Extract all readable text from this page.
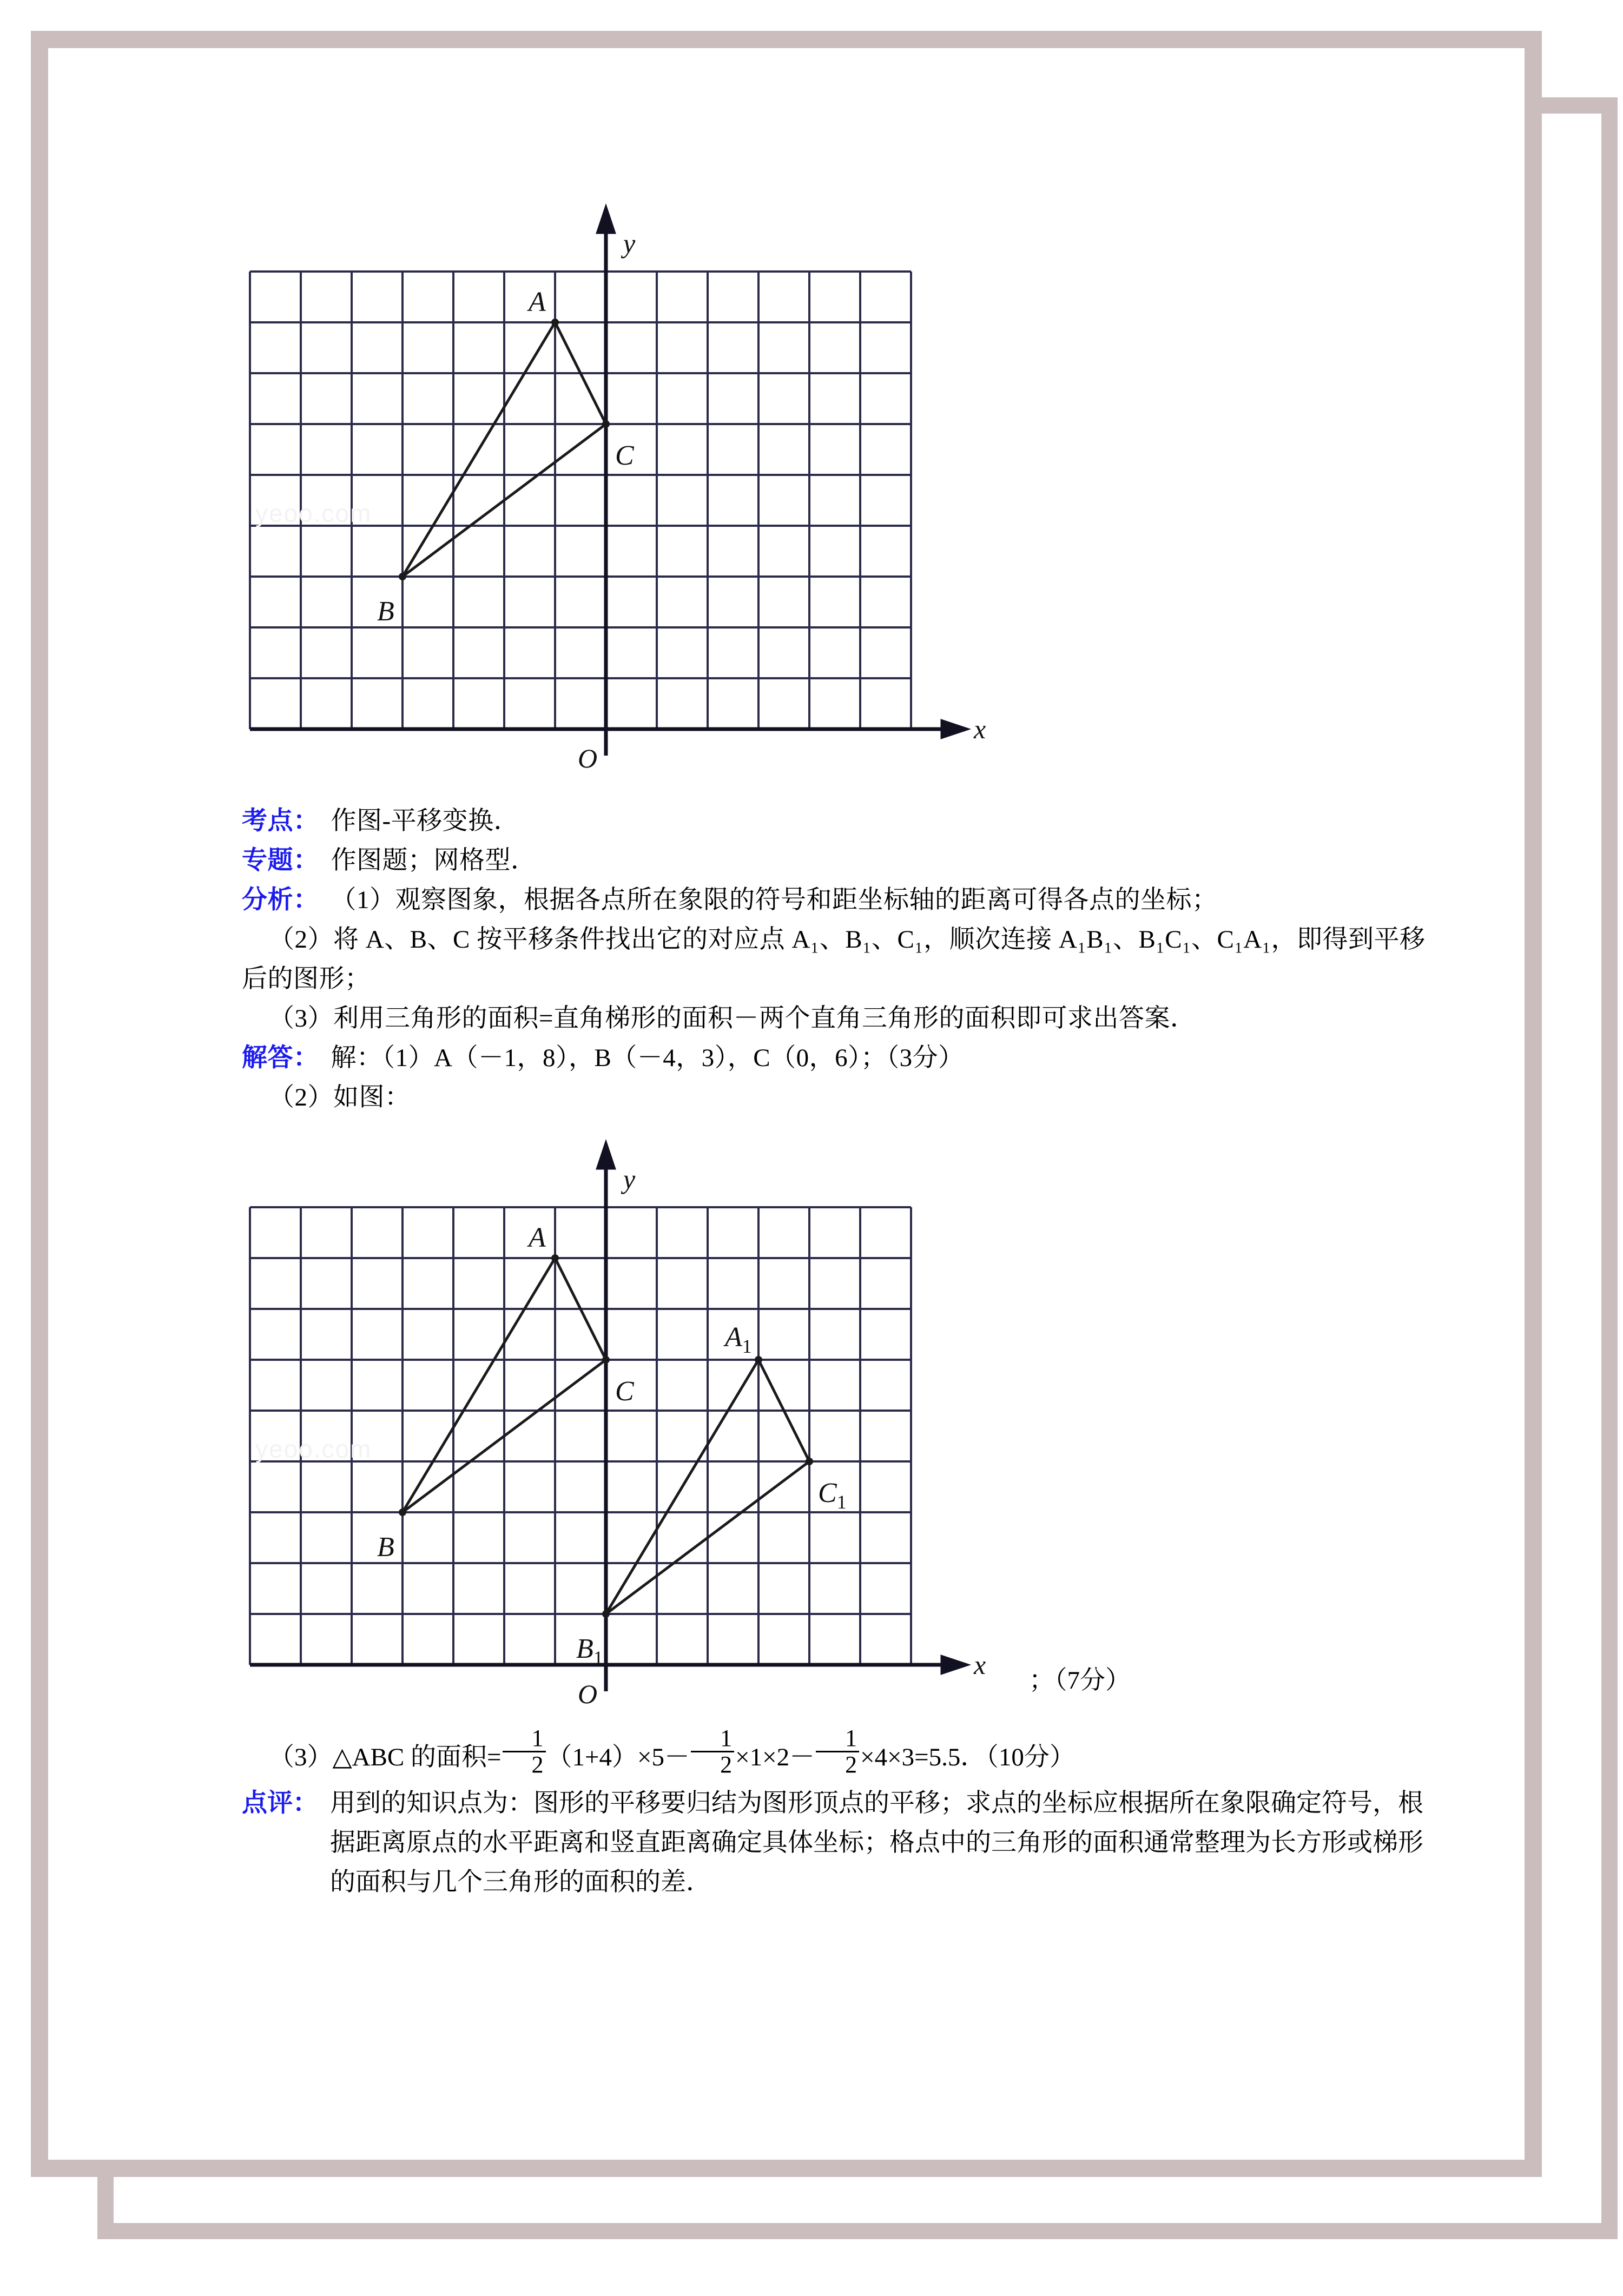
A
B
C
y
x
O
yeoo.com
考点： 作图-平移变换．
专题： 作图题；网格型．
分析： （1）观察图象，根据各点所在象限的符号和距坐标轴的距离可得各点的坐标；
（2）将 A、B、C 按平移条件找出它的对应点 A₁、B₁、C₁，顺次连接 A₁B₁、B₁C₁、C₁A₁，即得到平移后的图形；
（3）利用三角形的面积=直角梯形的面积－两个直角三角形的面积即可求出答案．
解答： 解：（1）A（－1，8），B（－4，3），C（0，6）；（3分）
（2）如图：
A
B
C
$A_1$
$B_1$
$C_1$
y
x
O
yeoo.com
；（7分）
（3）△ABC 的面积= $\frac{1}{2} (1+4)\times 5- \frac{1}{2} \times 1\times 2- \frac{1}{2} \times 4\times 3=5.5$．（10分）
点评： 用到的知识点为：图形的平移要归结为图形顶点的平移；求点的坐标应根据所在象限确定符号，根据距离原点的水平距离和竖直距离确定具体坐标；格点中的三角形的面积通常整理为长方形或梯形的面积与几个三角形的面积的差．
